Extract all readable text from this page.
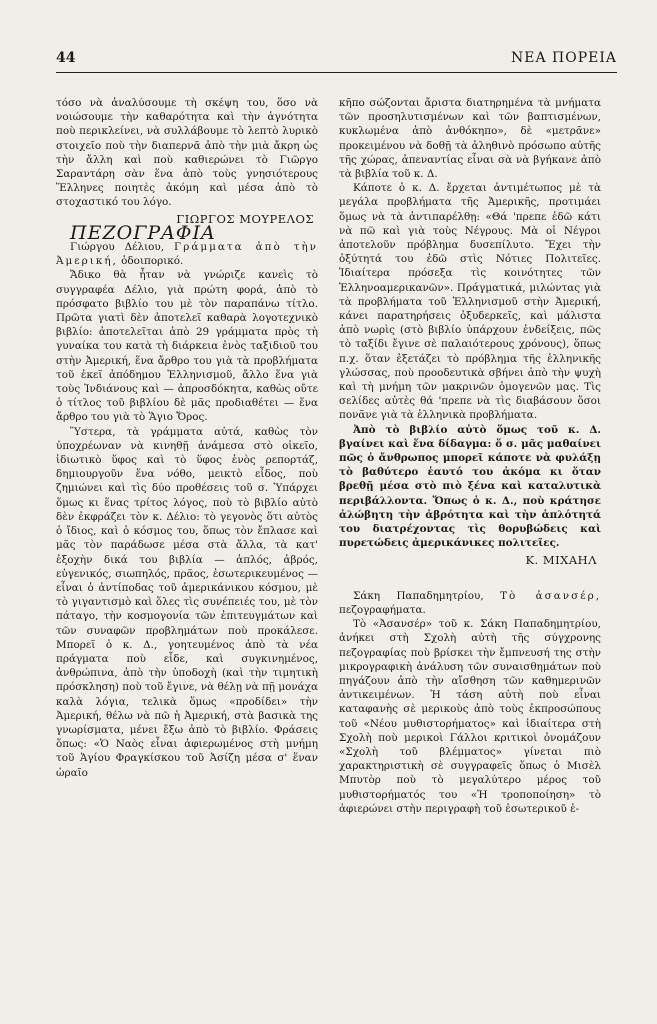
44	ΝΕΑ ΠΟΡΕΙΑ

τόσο νὰ ἀναλύσουμε τὴ σκέψη του, ὅσο νὰ νοιώσουμε τὴν καθαρότητα καὶ τὴν ἁγνότητα ποὺ περικλείνει, νὰ συλλάβουμε τὸ λεπτὸ λυρικὸ στοιχεῖο ποὺ τὴν διαπερνᾶ ἀπὸ τὴν μιὰ ἄκρη ὡς τὴν ἄλλη καὶ ποὺ καθιερώνει τὸ Γιῶργο Σαραντάρη σὰν ἕνα ἀπὸ τοὺς γνησιότερους Ἕλληνες ποιητὲς ἀκόμη καὶ μέσα ἀπὸ τὸ στοχαστικό του λόγο.

ΓΙΩΡΓΟΣ ΜΟΥΡΕΛΟΣ

ΠΕΖΟΓΡΑΦΙΑ

Γιώργου Δέλιου, Γράμματα ἀπὸ τὴν Ἀμερική, ὁδοιπορικό.

Ἄδικο θὰ ἦταν νὰ γνώριζε κανεὶς τὸ συγγραφέα Δέλιο, γιὰ πρώτη φορά, ἀπὸ τὸ πρόσφατο βιβλίο του μὲ τὸν παραπάνω τίτλο. Πρῶτα γιατὶ δὲν ἀποτελεῖ καθαρὰ λογοτεχνικὸ βιβλίο: ἀποτελεῖται ἀπὸ 29 γράμματα πρὸς τὴ γυναίκα του κατὰ τὴ διάρκεια ἑνὸς ταξιδιοῦ του στὴν Ἀμερική, ἕνα ἄρθρο του γιὰ τὰ προβλήματα τοῦ ἐκεῖ ἀπόδημου Ἑλληνισμοῦ, ἄλλο ἕνα γιὰ τοὺς Ἰνδιάνους καὶ — ἀπροσδόκητα, καθὼς οὔτε ὁ τίτλος τοῦ βιβλίου δὲ μᾶς προδιαθέτει — ἕνα ἄρθρο του γιὰ τὸ Ἅγιο Ὄρος.

Ὕστερα, τὰ γράμματα αὐτά, καθὼς τὸν ὑποχρέωναν νὰ κινηθῇ ἀνάμεσα στὸ οἰκεῖο, ἰδιωτικὸ ὕφος καὶ τὸ ὕφος ἑνὸς ρεπορτάζ, δημιουργοῦν ἕνα νόθο, μεικτὸ εἶδος, ποὺ ζημιώνει καὶ τὶς δύο προθέσεις τοῦ σ. Ὑπάρχει ὅμως κι ἕνας τρίτος λόγος, ποὺ τὸ βιβλίο αὐτὸ δὲν ἐκφράζει τὸν κ. Δέλιο: τὸ γεγονὸς ὅτι αὐτὸς ὁ ἴδιος, καὶ ὁ κόσμος του, ὅπως τὸν ἔπλασε καὶ μᾶς τὸν παράδωσε μέσα στὰ ἄλλα, τὰ κατ' ἐξοχὴν δικά του βιβλία — ἁπλός, ἁβρός, εὐγενικός, σιωπηλός, πρᾶος, ἐσωτερικευμένος — εἶναι ὁ ἀντίποδας τοῦ ἀμερικάνικου κόσμου, μὲ τὸ γιγαντισμὸ καὶ ὅλες τὶς συνέπειές του, μὲ τὸν πάταγο, τὴν κοσμογονία τῶν ἐπιτευγμάτων καὶ τῶν συναφῶν προβλημάτων ποὺ προκάλεσε. Μπορεῖ ὁ κ. Δ., γοητευμένος ἀπὸ τὰ νέα πράγματα ποὺ εἶδε, καὶ συγκινημένος, ἀνθρώπινα, ἀπὸ τὴν ὑποδοχὴ (καὶ τὴν τιμητικὴ πρόσκληση) ποὺ τοῦ ἔγινε, νὰ θέλῃ νὰ πῇ μονάχα καλὰ λόγια, τελικὰ ὅμως «προδίδει» τὴν Ἀμερική, θέλω νὰ πῶ ἡ Ἀμερική, στὰ βασικὰ της γνωρίσματα, μένει ἔξω ἀπὸ τὸ βιβλίο. Φράσεις ὅπως: «Ὁ Ναὸς εἶναι ἀφιερωμένος στὴ μνήμη τοῦ Ἁγίου Φραγκίσκου τοῦ Ἀσίζη μέσα σ' ἕναν ὡραῖο

κῆπο σώζονται ἄριστα διατηρημένα τὰ μνήματα τῶν προσηλυτισμένων καὶ τῶν βαπτισμένων, κυκλωμένα ἀπὸ ἀνθόκηπο», δὲ «μετρᾶνε» προκειμένου νὰ δοθῇ τὰ ἀληθινὸ πρόσωπο αὐτῆς τῆς χώρας, ἀπεναντίας εἶναι σὰ νὰ βγήκανε ἀπὸ τὰ βιβλία τοῦ κ. Δ.

Κάποτε ὁ κ. Δ. ἔρχεται ἀντιμέτωπος μὲ τὰ μεγάλα προβλήματα τῆς Ἀμερικῆς, προτιμάει ὅμως νὰ τὰ ἀντιπαρέλθῃ: «Θά 'πρεπε ἐδῶ κάτι νὰ πῶ καὶ γιὰ τοὺς Νέγρους. Μὰ οἱ Νέγροι ἀποτελοῦν πρόβλημα δυσεπίλυτο. Ἔχει τὴν ὀξύτητά του ἐδῶ στὶς Νότιες Πολιτεῖες. Ἰδιαίτερα πρόσεξα τὶς κοινότητες τῶν Ἑλληνοαμερικανῶν». Πράγματικά, μιλώντας γιὰ τὰ προβλήματα τοῦ Ἑλληνισμοῦ στὴν Ἀμερική, κάνει παρατηρήσεις ὀξυδερκεῖς, καὶ μάλιστα ἀπὸ νωρὶς (στὸ βιβλίο ὑπάρχουν ἐνδείξεις, πῶς τὸ ταξίδι ἔγινε σὲ παλαιότερους χρόνους), ὅπως π.χ. ὅταν ἐξετάζει τὸ πρόβλημα τῆς ἑλληνικῆς γλώσσας, ποὺ προοδευτικὰ σβήνει ἀπὸ τὴν ψυχὴ καὶ τὴ μνήμη τῶν μακρινῶν ὁμογενῶν μας. Τὶς σελίδες αὐτὲς θά 'πρεπε νὰ τὶς διαβάσουν ὅσοι πονᾶνε γιὰ τὰ ἑλληνικὰ προβλήματα.

Ἀπὸ τὸ βιβλίο αὐτὸ ὅμως τοῦ κ. Δ. βγαίνει καὶ ἕνα δίδαγμα: ὅ σ. μᾶς μαθαίνει πῶς ὁ ἄνθρωπος μπορεῖ κάποτε νὰ φυλάξῃ τὸ βαθύτερο ἑαυτό του ἀκόμα κι ὅταν βρεθῇ μέσα στὸ πιὸ ξένα καὶ καταλυτικὰ περιβάλλοντα. Ὅπως ὁ κ. Δ., ποὺ κράτησε ἀλώβητη τὴν ἀβρότητα καὶ τὴν ἁπλότητά του διατρέχοντας τὶς θορυβώδεις καὶ πυρετώδεις ἀμερικάνικες πολιτεῖες.

Κ. ΜΙΧΑΗΛ

Σάκη Παπαδημητρίου, Τὸ ἀσανσέρ, πεζογραφήματα.

Τὸ «Ἀσανσέρ» τοῦ κ. Σάκη Παπαδημητρίου, ἀνήκει στὴ Σχολὴ αὐτὴ τῆς σύγχρονης πεζογραφίας ποὺ βρίσκει τὴν ἔμπνευσή της στὴν μικρογραφικὴ ἀνάλυση τῶν συναισθημάτων ποὺ πηγάζουν ἀπὸ τὴν αἴσθηση τῶν καθημερινῶν ἀντικειμένων. Ἡ τάση αὐτὴ ποὺ εἶναι καταφανὴς σὲ μερικοὺς ἀπὸ τοὺς ἐκπροσώπους τοῦ «Νέου μυθιστορήματος» καὶ ἰδιαίτερα στὴ Σχολὴ ποὺ μερικοὶ Γάλλοι κριτικοὶ ὀνομάζουν «Σχολὴ τοῦ βλέμματος» γίνεται πιὸ χαρακτηριστικὴ σὲ συγγραφεῖς ὅπως ὁ Μισὲλ Μπυτὸρ ποὺ τὸ μεγαλύτερο μέρος τοῦ μυθιστορήματός του «Ἡ τροποποίηση» τὸ ἀφιερώνει στὴν περιγραφὴ τοῦ ἐσωτερικοῦ ἑ-
